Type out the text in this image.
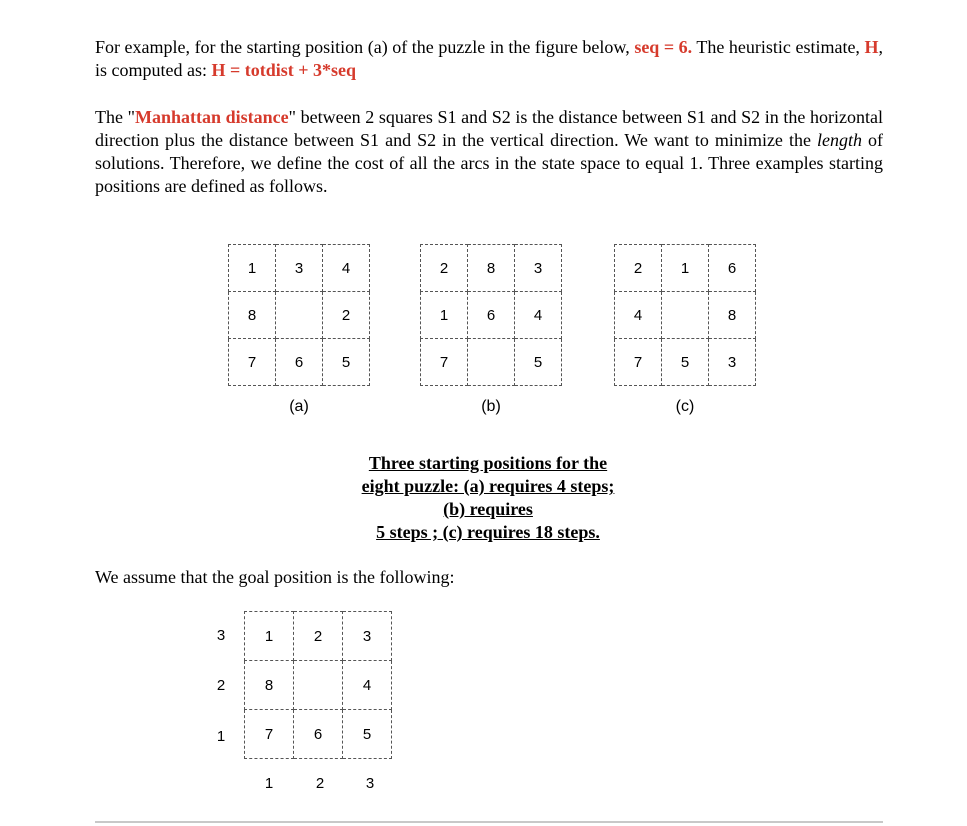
For example, for the starting position (a) of the puzzle in the figure below, seq = 6. The heuristic estimate, H, is computed as: H = totdist + 3*seq

The "Manhattan distance" between 2 squares S1 and S2 is the distance between S1 and S2 in the horizontal direction plus the distance between S1 and S2 in the vertical direction. We want to minimize the length of solutions. Therefore, we define the cost of all the arcs in the state space to equal 1. Three examples starting positions are defined as follows.

1	3	4
8		2
7	6	5
(a)
2	8	3
1	6	4
7		5
(b)
2	1	6
4		8
7	5	3
(c)
Three starting positions for the
eight puzzle: (a) requires 4 steps;
(b) requires
5 steps ; (c) requires 18 steps.

We assume that the goal position is the following:

3
2
1
1	2	3
8		4
7	6	5
1	2	3
